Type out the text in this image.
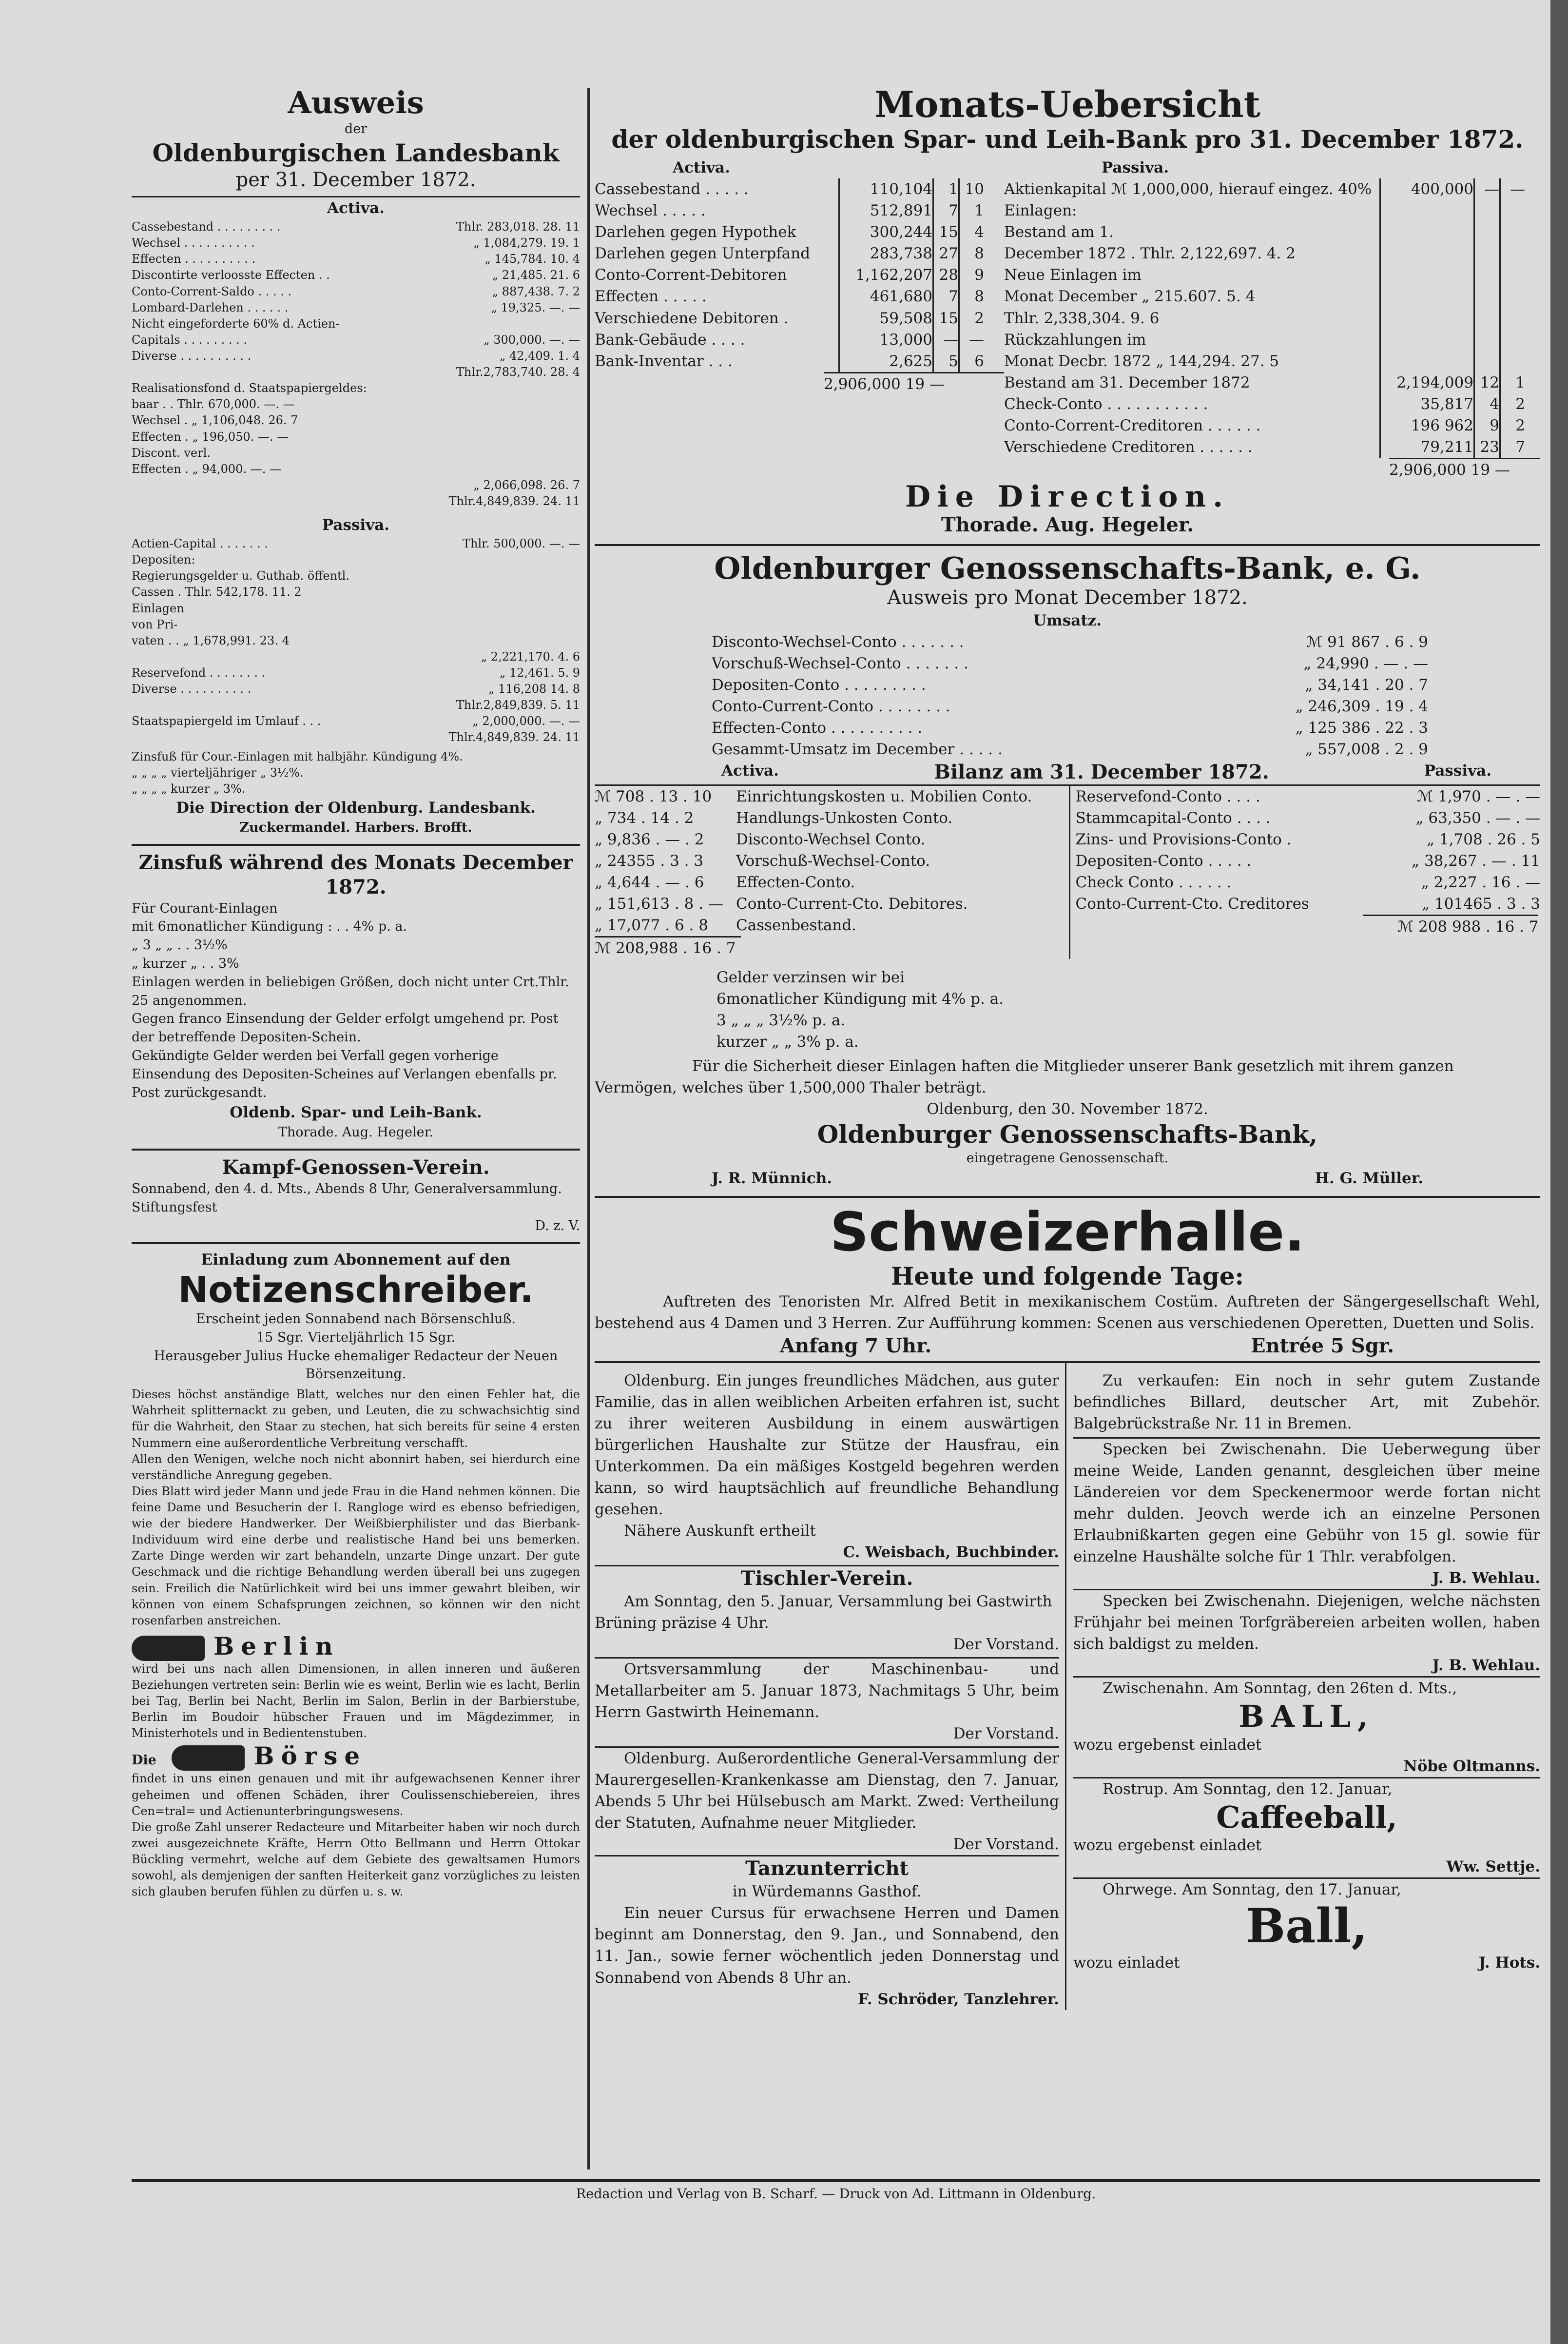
Ausweis
der
Oldenburgischen Landesbank
per 31. December 1872.
Activa.
Cassebestand . . . . . . . . .	Thlr. 283,018. 28. 11
Wechsel . . . . . . . . . .	„ 1,084,279. 19. 1
Effecten . . . . . . . . . .	„ 145,784. 10. 4
Discontirte verloosste Effecten . .	„ 21,485. 21. 6
Conto-Corrent-Saldo . . . . .	„ 887,438. 7. 2
Lombard-Darlehen . . . . . .	„ 19,325. —. —
Nicht eingeforderte 60% d. Actien-
Capitals . . . . . . . . .	„ 300,000. —. —
Diverse . . . . . . . . . .	„ 42,409. 1. 4
Thlr.2,783,740. 28. 4
Realisationsfond d. Staatspapiergeldes:
baar . . Thlr. 670,000. —. —
Wechsel . „ 1,106,048. 26. 7
Effecten . „ 196,050. —. —
Discont. verl.
Effecten . „ 94,000. —. —
„ 2,066,098. 26. 7
Thlr.4,849,839. 24. 11
Passiva.
Actien-Capital . . . . . . .	Thlr. 500,000. —. —
Depositen:
Regierungsgelder u. Guthab. öffentl.
Cassen . Thlr. 542,178. 11. 2
Einlagen
von Pri-
vaten . . „ 1,678,991. 23. 4
„ 2,221,170. 4. 6
Reservefond . . . . . . . .	„ 12,461. 5. 9
Diverse . . . . . . . . . .	„ 116,208 14. 8
Thlr.2,849,839. 5. 11
Staatspapiergeld im Umlauf . . .	„ 2,000,000. —. —
Thlr.4,849,839. 24. 11
Zinsfuß für Cour.-Einlagen mit halbjähr. Kündigung 4%.
„ „ „ „ vierteljähriger „ 3½%.
„ „ „ „ kurzer „ 3%.
Die Direction der Oldenburg. Landesbank.
Zuckermandel. Harbers. Brofft.
Zinsfuß während des Monats December 1872.
Für Courant-Einlagen
mit 6monatlicher Kündigung : . . 4% p. a.
„ 3 „ „ . . 3½%
„ kurzer „ . . 3%
Einlagen werden in beliebigen Größen, doch nicht unter Crt.Thlr. 25 angenommen.
Gegen franco Einsendung der Gelder erfolgt umgehend pr. Post der betreffende Depositen-Schein.
Gekündigte Gelder werden bei Verfall gegen vorherige Einsendung des Depositen-Scheines auf Verlangen ebenfalls pr. Post zurückgesandt.
Oldenb. Spar- und Leih-Bank.
Thorade. Aug. Hegeler.
Kampf-Genossen-Verein.
Sonnabend, den 4. d. Mts., Abends 8 Uhr, Generalversammlung. Stiftungsfest
D. z. V.
Einladung zum Abonnement auf den
Notizenschreiber.
Erscheint jeden Sonnabend nach Börsenschluß.
15 Sgr. Vierteljährlich 15 Sgr.
Herausgeber Julius Hucke ehemaliger Redacteur der Neuen Börsenzeitung.
Dieses höchst anständige Blatt, welches nur den einen Fehler hat, die Wahrheit splitternackt zu geben, und Leuten, die zu schwachsichtig sind für die Wahrheit, den Staar zu stechen, hat sich bereits für seine 4 ersten Nummern eine außerordentliche Verbreitung verschafft.
Allen den Wenigen, welche noch nicht abonnirt haben, sei hierdurch eine verständliche Anregung gegeben.
Dies Blatt wird jeder Mann und jede Frau in die Hand nehmen können. Die feine Dame und Besucherin der I. Rangloge wird es ebenso befriedigen, wie der biedere Handwerker. Der Weißbierphilister und das Bierbank-Individuum wird eine derbe und realistische Hand bei uns bemerken. Zarte Dinge werden wir zart behandeln, unzarte Dinge unzart. Der gute Geschmack und die richtige Behandlung werden überall bei uns zugegen sein. Freilich die Natürlichkeit wird bei uns immer gewahrt bleiben, wir können von einem Schafsprungen zeichnen, so können wir den nicht rosenfarben anstreichen.
Berlin
wird bei uns nach allen Dimensionen, in allen inneren und äußeren Beziehungen vertreten sein: Berlin wie es weint, Berlin wie es lacht, Berlin bei Tag, Berlin bei Nacht, Berlin im Salon, Berlin in der Barbierstube, Berlin im Boudoir hübscher Frauen und im Mägdezimmer, in Ministerhotels und in Bedientenstuben.
Die	Börse
findet in uns einen genauen und mit ihr aufgewachsenen Kenner ihrer geheimen und offenen Schäden, ihrer Coulissenschiebereien, ihres Cen=tral= und Actienunterbringungswesens.
Die große Zahl unserer Redacteure und Mitarbeiter haben wir noch durch zwei ausgezeichnete Kräfte, Herrn Otto Bellmann und Herrn Ottokar Bückling vermehrt, welche auf dem Gebiete des gewaltsamen Humors sowohl, als demjenigen der sanften Heiterkeit ganz vorzügliches zu leisten sich glauben berufen fühlen zu dürfen u. s. w.
Monats-Uebersicht
der oldenburgischen Spar- und Leih-Bank pro 31. December 1872.
Activa.
Cassebestand . . . . .	110,104	1 10
Wechsel . . . . .	512,891	7	1
Darlehen gegen Hypothek	300,244 15	4
Darlehen gegen Unterpfand	283,738 27	8
Conto-Corrent-Debitoren	1,162,207 28	9
Effecten . . . . .	461,680	7	8
Verschiedene Debitoren .	59,508 15	2
Bank-Gebäude . . . .	13,000 — —
Bank-Inventar . . .	2,625	5	6
2,906,000 19 —
Passiva.
Aktienkapital ℳ 1,000,000, hierauf eingez. 40%	400,000 — —
Einlagen:
Bestand am 1.
December 1872 . Thlr. 2,122,697. 4. 2
Neue Einlagen im
Monat December „ 215.607. 5. 4
Thlr. 2,338,304. 9. 6
Rückzahlungen im
Monat Decbr. 1872 „ 144,294. 27. 5
Bestand am 31. December 1872	2,194,009 12	1
Check-Conto . . . . . . . . . . .	35,817	4	2
Conto-Corrent-Creditoren . . . . . .	196 962	9	2
Verschiedene Creditoren . . . . . .	79,211 23	7
2,906,000 19 —
Die Direction.
Thorade. Aug. Hegeler.
Oldenburger Genossenschafts-Bank, e. G.
Ausweis pro Monat December 1872.
Umsatz.
Disconto-Wechsel-Conto . . . . . . .	ℳ 91 867 . 6 . 9
Vorschuß-Wechsel-Conto . . . . . . .	„ 24,990 . — . —
Depositen-Conto . . . . . . . . .	„ 34,141 . 20 . 7
Conto-Current-Conto . . . . . . . .	„ 246,309 . 19 . 4
Effecten-Conto . . . . . . . . . .	„ 125 386 . 22 . 3
Gesammt-Umsatz im December . . . . .	„ 557,008 . 2 . 9
Activa.	Bilanz am 31. December 1872.	Passiva.
ℳ 708 . 13 . 10	Einrichtungskosten u. Mobilien Conto.
„ 734 . 14 . 2	Handlungs-Unkosten Conto.
„ 9,836 . — . 2	Disconto-Wechsel Conto.
„ 24355 . 3 . 3	Vorschuß-Wechsel-Conto.
„ 4,644 . — . 6	Effecten-Conto.
„ 151,613 . 8 . — Conto-Current-Cto. Debitores.
„ 17,077 . 6 . 8	Cassenbestand.
ℳ 208,988 . 16 . 7
Reservefond-Conto . . . .	ℳ 1,970 . — . —
Stammcapital-Conto . . . .	„ 63,350 . — . —
Zins- und Provisions-Conto .	„ 1,708 . 26 . 5
Depositen-Conto . . . . .	„ 38,267 . — . 11
Check Conto . . . . . .	„ 2,227 . 16 . —
Conto-Current-Cto. Creditores	„ 101465 . 3 . 3
ℳ 208 988 . 16 . 7
Gelder verzinsen wir bei
6monatlicher Kündigung mit 4% p. a.
3 „ „ „ 3½% p. a.
kurzer „ „ 3% p. a.
Für die Sicherheit dieser Einlagen haften die Mitglieder unserer Bank gesetzlich mit ihrem ganzen Vermögen, welches über 1,500,000 Thaler beträgt.
Oldenburg, den 30. November 1872.
Oldenburger Genossenschafts-Bank,
eingetragene Genossenschaft.
J. R. Münnich.	H. G. Müller.
Schweizerhalle.
Heute und folgende Tage:
Auftreten des Tenoristen Mr. Alfred Betit in mexikanischem Costüm. Auftreten der Sängergesellschaft Wehl, bestehend aus 4 Damen und 3 Herren. Zur Aufführung kommen: Scenen aus verschiedenen Operetten, Duetten und Solis.
Anfang 7 Uhr.	Entrée 5 Sgr.
Oldenburg. Ein junges freundliches Mädchen, aus guter Familie, das in allen weiblichen Arbeiten erfahren ist, sucht zu ihrer weiteren Ausbildung in einem auswärtigen bürgerlichen Haushalte zur Stütze der Hausfrau, ein Unterkommen. Da ein mäßiges Kostgeld begehren werden kann, so wird hauptsächlich auf freundliche Behandlung gesehen.
Nähere Auskunft ertheilt
C. Weisbach, Buchbinder.
Tischler-Verein.
Am Sonntag, den 5. Januar, Versammlung bei Gastwirth Brüning präzise 4 Uhr.
Der Vorstand.
Ortsversammlung der Maschinenbau- und Metallarbeiter am 5. Januar 1873, Nachmitags 5 Uhr, beim Herrn Gastwirth Heinemann.
Der Vorstand.
Oldenburg. Außerordentliche General-Versammlung der Maurergesellen-Krankenkasse am Dienstag, den 7. Januar, Abends 5 Uhr bei Hülsebusch am Markt. Zwed: Vertheilung der Statuten, Aufnahme neuer Mitglieder.
Der Vorstand.
Tanzunterricht
in Würdemanns Gasthof.
Ein neuer Cursus für erwachsene Herren und Damen beginnt am Donnerstag, den 9. Jan., und Sonnabend, den 11. Jan., sowie ferner wöchentlich jeden Donnerstag und Sonnabend von Abends 8 Uhr an.
F. Schröder, Tanzlehrer.
Zu verkaufen: Ein noch in sehr gutem Zustande befindliches Billard, deutscher Art, mit Zubehör. Balgebrückstraße Nr. 11 in Bremen.
Specken bei Zwischenahn. Die Ueberwegung über meine Weide, Landen genannt, desgleichen über meine Ländereien vor dem Speckenermoor werde fortan nicht mehr dulden. Jeovch werde ich an einzelne Personen Erlaubnißkarten gegen eine Gebühr von 15 gl. sowie für einzelne Haushälte solche für 1 Thlr. verabfolgen.
J. B. Wehlau.
Specken bei Zwischenahn. Diejenigen, welche nächsten Frühjahr bei meinen Torfgräbereien arbeiten wollen, haben sich baldigst zu melden.
J. B. Wehlau.
Zwischenahn. Am Sonntag, den 26ten d. Mts.,
BALL,
wozu ergebenst einladet
Nöbe Oltmanns.
Rostrup. Am Sonntag, den 12. Januar,
Caffeeball,
wozu ergebenst einladet
Ww. Settje.
Ohrwege. Am Sonntag, den 17. Januar,
Ball,
wozu einladet	J. Hots.
Redaction und Verlag von B. Scharf. — Druck von Ad. Littmann in Oldenburg.
